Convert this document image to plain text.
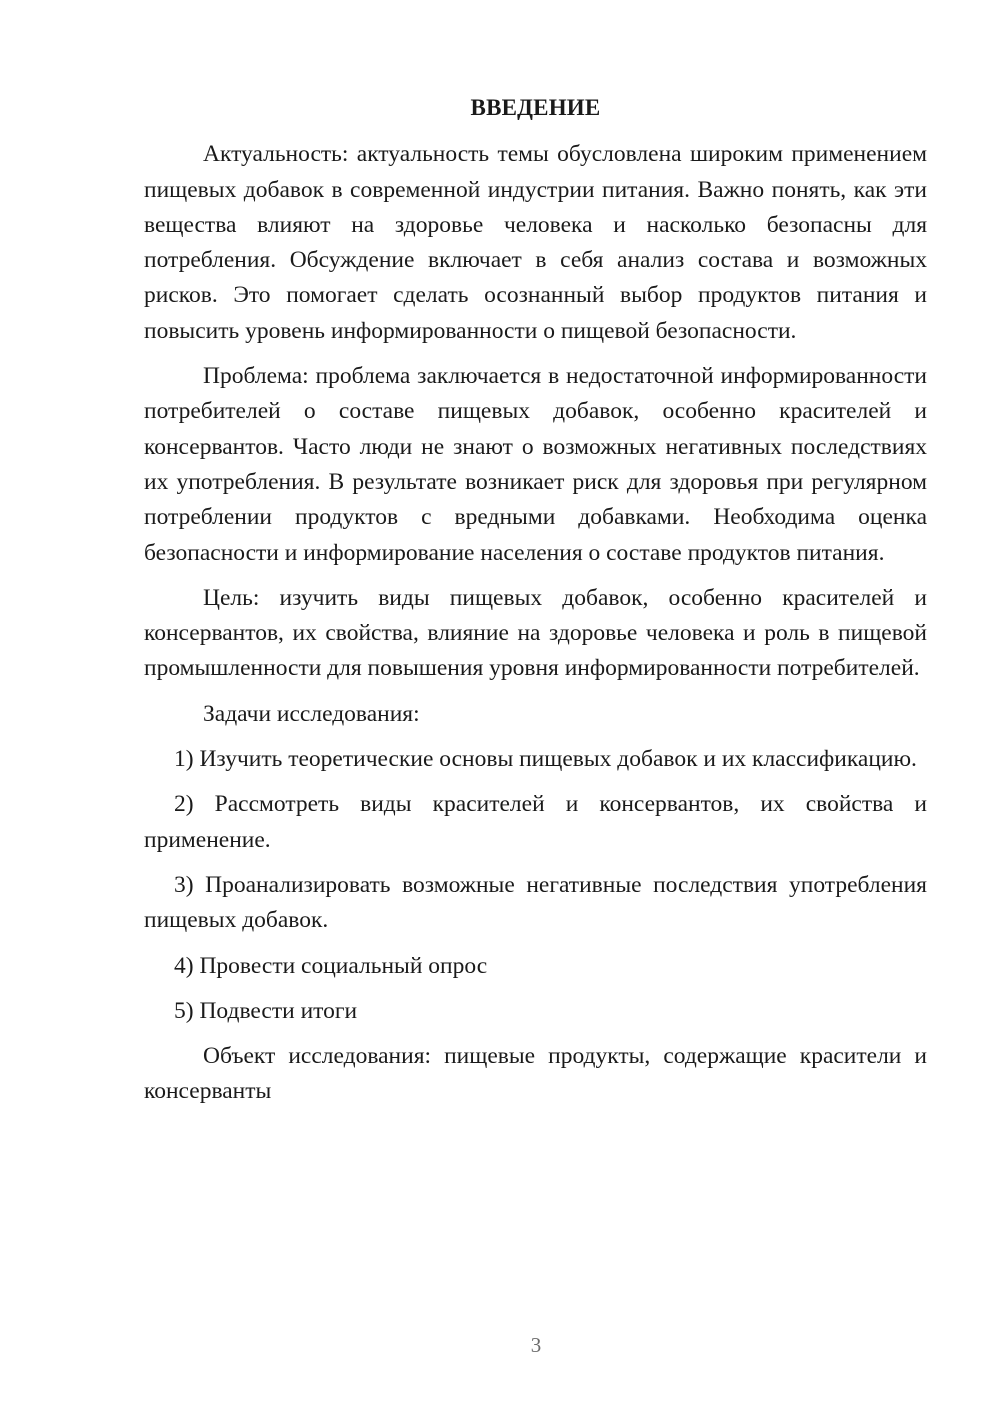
ВВЕДЕНИЕ

Актуальность: актуальность темы обусловлена широким применением пищевых добавок в современной индустрии питания. Важно понять, как эти вещества влияют на здоровье человека и насколько безопасны для потребления. Обсуждение включает в себя анализ состава и возможных рисков. Это помогает сделать осознанный выбор продуктов питания и повысить уровень информированности о пищевой безопасности.

Проблема: проблема заключается в недостаточной информированности потребителей о составе пищевых добавок, особенно красителей и консервантов. Часто люди не знают о возможных негативных последствиях их употребления. В результате возникает риск для здоровья при регулярном потреблении продуктов с вредными добавками. Необходима оценка безопасности и информирование населения о составе продуктов питания.

Цель: изучить виды пищевых добавок, особенно красителей и консервантов, их свойства, влияние на здоровье человека и роль в пищевой промышленности для повышения уровня информированности потребителей.

Задачи исследования:

1) Изучить теоретические основы пищевых добавок и их классификацию.

2) Рассмотреть виды красителей и консервантов, их свойства и применение.

3) Проанализировать возможные негативные последствия употребления пищевых добавок.

4) Провести социальный опрос

5) Подвести итоги

Объект исследования: пищевые продукты, содержащие красители и консерванты

3
